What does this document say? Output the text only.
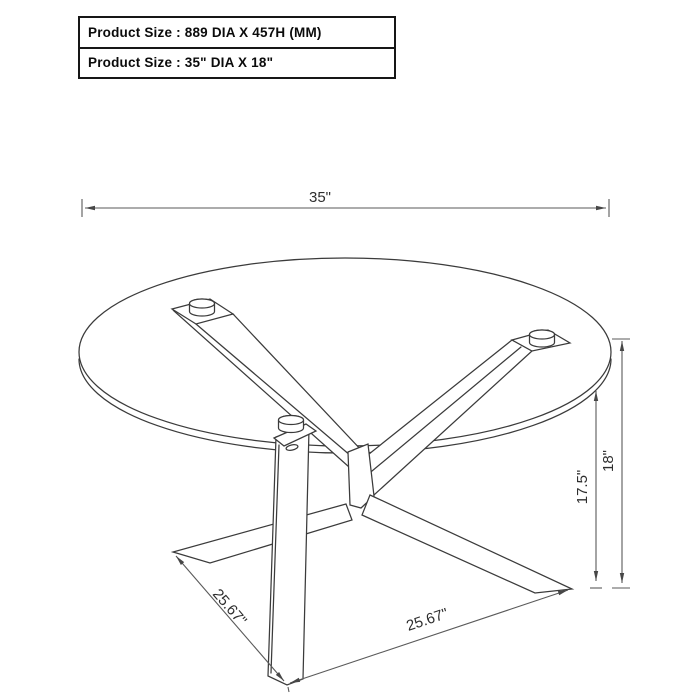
Product Size : 889 DIA X 457H (MM)
Product Size : 35" DIA X 18"
35"
18"
17.5"
25.67"	25.67"
